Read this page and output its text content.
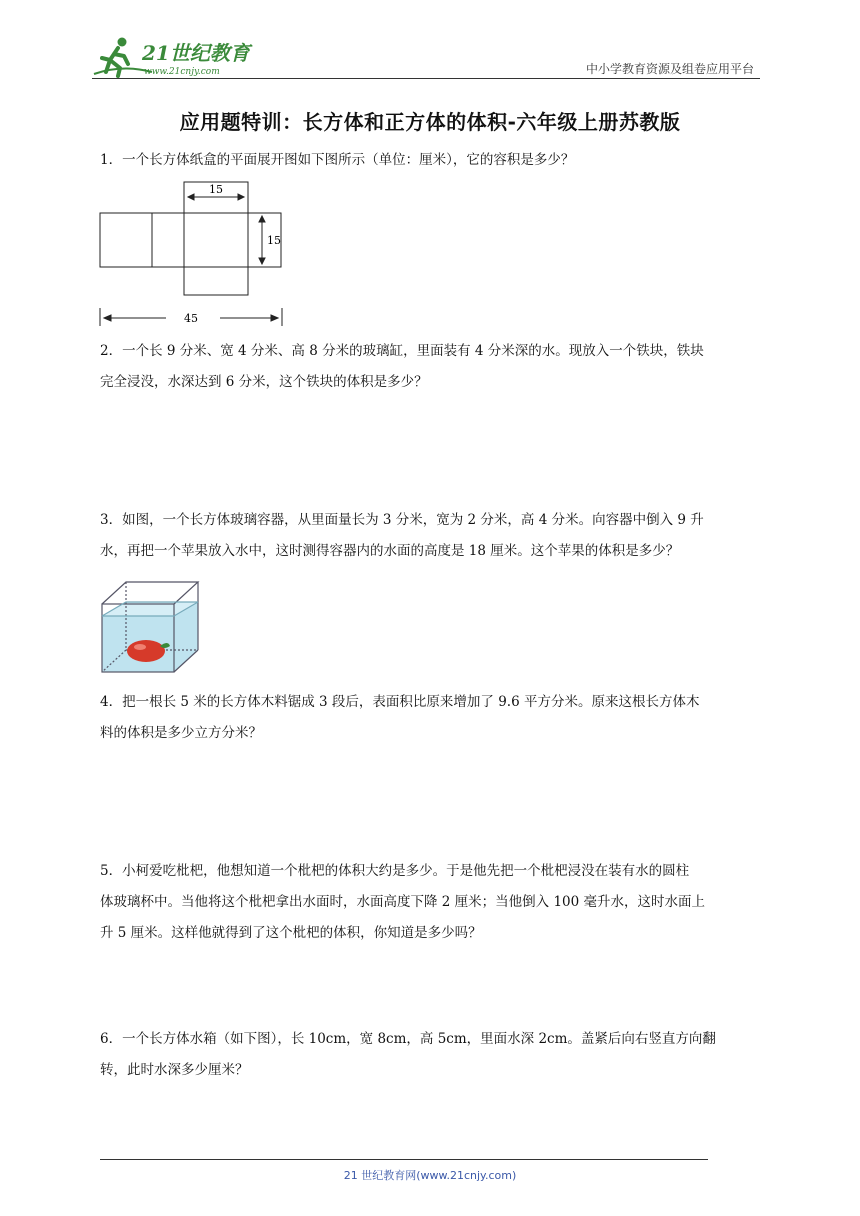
21世纪教育
www.21cnjy.com	中小学教育资源及组卷应用平台
应用题特训：长方体和正方体的体积-六年级上册苏教版
1．一个长方体纸盒的平面展开图如下图所示（单位：厘米），它的容积是多少？
15
15
45
2．一个长 9 分米、宽 4 分米、高 8 分米的玻璃缸，里面装有 4 分米深的水。现放入一个铁块，铁块
完全浸没，水深达到 6 分米，这个铁块的体积是多少？
3．如图，一个长方体玻璃容器，从里面量长为 3 分米，宽为 2 分米，高 4 分米。向容器中倒入 9 升
水，再把一个苹果放入水中，这时测得容器内的水面的高度是 18 厘米。这个苹果的体积是多少？
4．把一根长 5 米的长方体木料锯成 3 段后，表面积比原来增加了 9.6 平方分米。原来这根长方体木
料的体积是多少立方分米？
5．小柯爱吃枇杷，他想知道一个枇杷的体积大约是多少。于是他先把一个枇杷浸没在装有水的圆柱
体玻璃杯中。当他将这个枇杷拿出水面时，水面高度下降 2 厘米；当他倒入 100 毫升水，这时水面上
升 5 厘米。这样他就得到了这个枇杷的体积，你知道是多少吗？
6．一个长方体水箱（如下图），长 10cm，宽 8cm，高 5cm，里面水深 2cm。盖紧后向右竖直方向翻
转，此时水深多少厘米？
21 世纪教育网(www.21cnjy.com)
